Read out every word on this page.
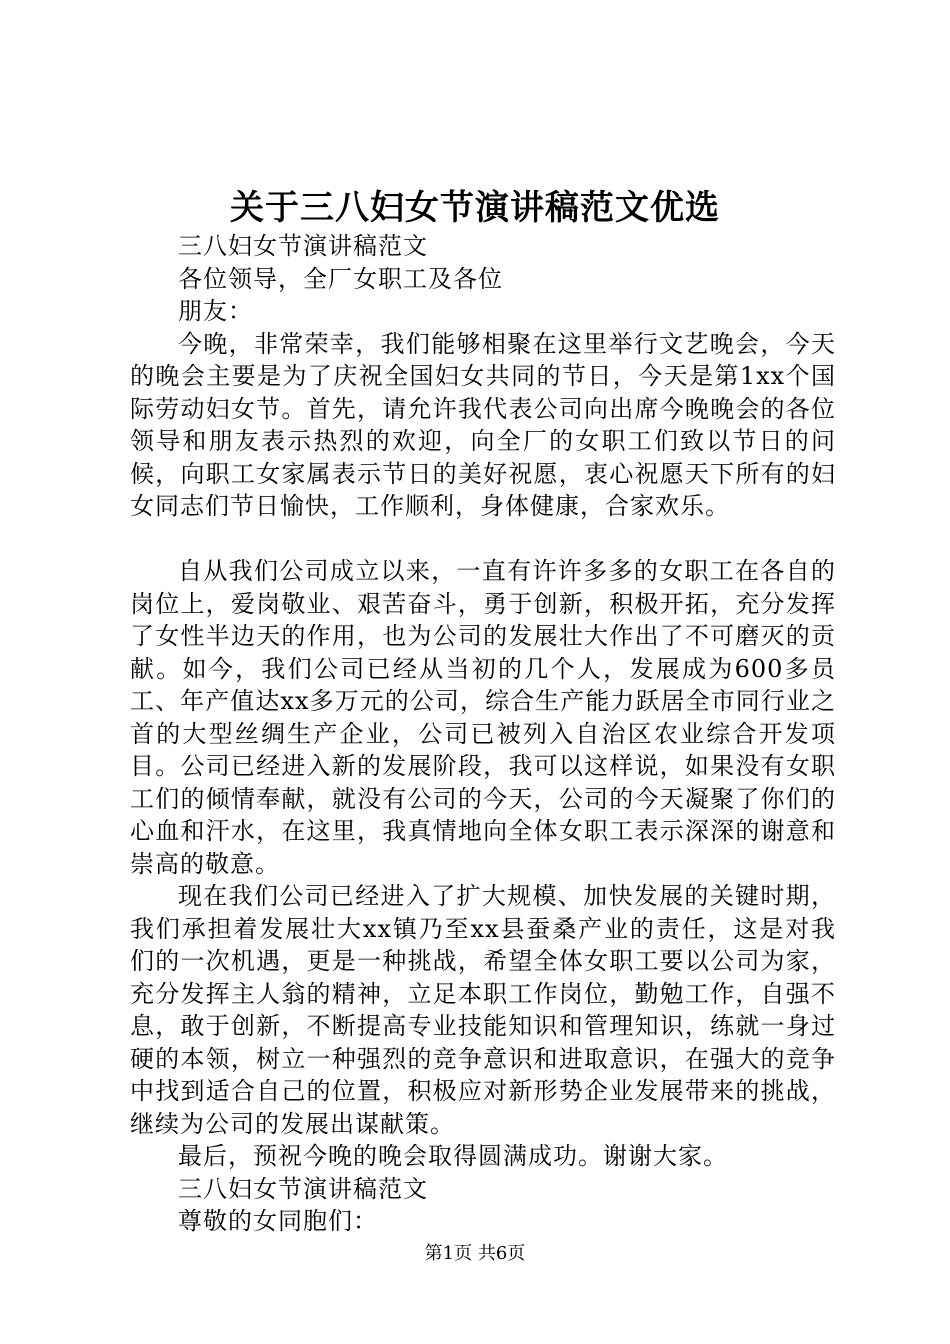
关于三八妇女节演讲稿范文优选

三八妇女节演讲稿范文

各位领导，全厂女职工及各位

朋友：

今晚，非常荣幸，我们能够相聚在这里举行文艺晚会，今天的晚会主要是为了庆祝全国妇女共同的节日，今天是第1xx个国际劳动妇女节。首先，请允许我代表公司向出席今晚晚会的各位领导和朋友表示热烈的欢迎，向全厂的女职工们致以节日的问候，向职工女家属表示节日的美好祝愿，衷心祝愿天下所有的妇女同志们节日愉快，工作顺利，身体健康，合家欢乐。

自从我们公司成立以来，一直有许许多多的女职工在各自的岗位上，爱岗敬业、艰苦奋斗，勇于创新，积极开拓，充分发挥了女性半边天的作用，也为公司的发展壮大作出了不可磨灭的贡献。如今，我们公司已经从当初的几个人，发展成为600多员工、年产值达xx多万元的公司，综合生产能力跃居全市同行业之首的大型丝绸生产企业，公司已被列入自治区农业综合开发项目。公司已经进入新的发展阶段，我可以这样说，如果没有女职工们的倾情奉献，就没有公司的今天，公司的今天凝聚了你们的心血和汗水，在这里，我真情地向全体女职工表示深深的谢意和崇高的敬意。

现在我们公司已经进入了扩大规模、加快发展的关键时期，我们承担着发展壮大xx镇乃至xx县蚕桑产业的责任，这是对我们的一次机遇，更是一种挑战，希望全体女职工要以公司为家，充分发挥主人翁的精神，立足本职工作岗位，勤勉工作，自强不息，敢于创新，不断提高专业技能知识和管理知识，练就一身过硬的本领，树立一种强烈的竞争意识和进取意识，在强大的竞争中找到适合自己的位置，积极应对新形势企业发展带来的挑战，继续为公司的发展出谋献策。

最后，预祝今晚的晚会取得圆满成功。谢谢大家。

三八妇女节演讲稿范文

尊敬的女同胞们：

第1页 共6页
